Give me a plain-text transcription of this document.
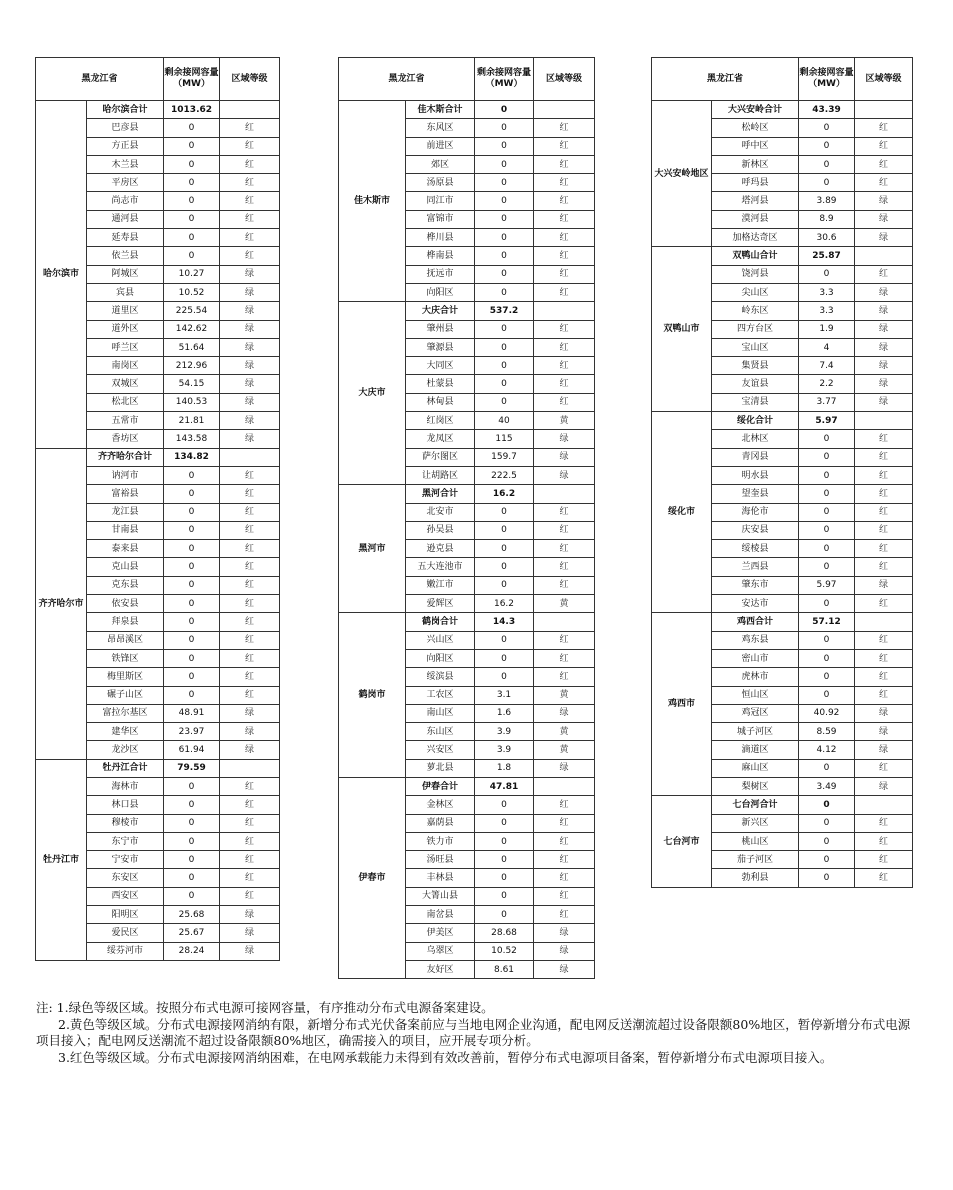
黑龙江省		剩余接网容量（MW）	区域等级
哈尔滨市	哈尔滨合计	1013.62	
	巴彦县	0	红
	方正县	0	红
	木兰县	0	红
	平房区	0	红
	尚志市	0	红
	通河县	0	红
	延寿县	0	红
	依兰县	0	红
	阿城区	10.27	绿
	宾县	10.52	绿
	道里区	225.54	绿
	道外区	142.62	绿
	呼兰区	51.64	绿
	南岗区	212.96	绿
	双城区	54.15	绿
	松北区	140.53	绿
	五常市	21.81	绿
	香坊区	143.58	绿
齐齐哈尔市	齐齐哈尔合计	134.82	
	讷河市	0	红
	富裕县	0	红
	龙江县	0	红
	甘南县	0	红
	泰来县	0	红
	克山县	0	红
	克东县	0	红
	依安县	0	红
	拜泉县	0	红
	昂昂溪区	0	红
	铁锋区	0	红
	梅里斯区	0	红
	碾子山区	0	红
	富拉尔基区	48.91	绿
	建华区	23.97	绿
	龙沙区	61.94	绿
牡丹江市	牡丹江合计	79.59	
	海林市	0	红
	林口县	0	红
	穆棱市	0	红
	东宁市	0	红
	宁安市	0	红
	东安区	0	红
	西安区	0	红
	阳明区	25.68	绿
	爱民区	25.67	绿
	绥芬河市	28.24	绿
黑龙江省		剩余接网容量（MW）	区域等级
佳木斯市	佳木斯合计	0	
	东风区	0	红
	前进区	0	红
	郊区	0	红
	汤原县	0	红
	同江市	0	红
	富锦市	0	红
	桦川县	0	红
	桦南县	0	红
	抚远市	0	红
	向阳区	0	红
大庆市	大庆合计	537.2	
	肇州县	0	红
	肇源县	0	红
	大同区	0	红
	杜蒙县	0	红
	林甸县	0	红
	红岗区	40	黄
	龙凤区	115	绿
	萨尔图区	159.7	绿
	让胡路区	222.5	绿
黑河市	黑河合计	16.2	
	北安市	0	红
	孙吴县	0	红
	逊克县	0	红
	五大连池市	0	红
	嫩江市	0	红
	爱辉区	16.2	黄
鹤岗市	鹤岗合计	14.3	
	兴山区	0	红
	向阳区	0	红
	绥滨县	0	红
	工农区	3.1	黄
	南山区	1.6	绿
	东山区	3.9	黄
	兴安区	3.9	黄
	萝北县	1.8	绿
伊春市	伊春合计	47.81	
	金林区	0	红
	嘉荫县	0	红
	铁力市	0	红
	汤旺县	0	红
	丰林县	0	红
	大箐山县	0	红
	南岔县	0	红
	伊美区	28.68	绿
	乌翠区	10.52	绿
	友好区	8.61	绿
黑龙江省		剩余接网容量（MW）	区域等级
大兴安岭地区	大兴安岭合计	43.39	
	松岭区	0	红
	呼中区	0	红
	新林区	0	红
	呼玛县	0	红
	塔河县	3.89	绿
	漠河县	8.9	绿
	加格达奇区	30.6	绿
双鸭山市	双鸭山合计	25.87	
	饶河县	0	红
	尖山区	3.3	绿
	岭东区	3.3	绿
	四方台区	1.9	绿
	宝山区	4	绿
	集贤县	7.4	绿
	友谊县	2.2	绿
	宝清县	3.77	绿
绥化市	绥化合计	5.97	
	北林区	0	红
	青冈县	0	红
	明水县	0	红
	望奎县	0	红
	海伦市	0	红
	庆安县	0	红
	绥棱县	0	红
	兰西县	0	红
	肇东市	5.97	绿
	安达市	0	红
鸡西市	鸡西合计	57.12	
	鸡东县	0	红
	密山市	0	红
	虎林市	0	红
	恒山区	0	红
	鸡冠区	40.92	绿
	城子河区	8.59	绿
	滴道区	4.12	绿
	麻山区	0	红
	梨树区	3.49	绿
七台河市	七台河合计	0	
	新兴区	0	红
	桃山区	0	红
	茄子河区	0	红
	勃利县	0	红

注: 1.绿色等级区域。按照分布式电源可接网容量，有序推动分布式电源备案建设。

2.黄色等级区域。分布式电源接网消纳有限，新增分布式光伏备案前应与当地电网企业沟通，配电网反送潮流超过设备限额80%地区，暂停新增分布式电源项目接入；配电网反送潮流不超过设备限额80%地区，确需接入的项目，应开展专项分析。

3.红色等级区域。分布式电源接网消纳困难，在电网承载能力未得到有效改善前，暂停分布式电源项目备案，暂停新增分布式电源项目接入。
